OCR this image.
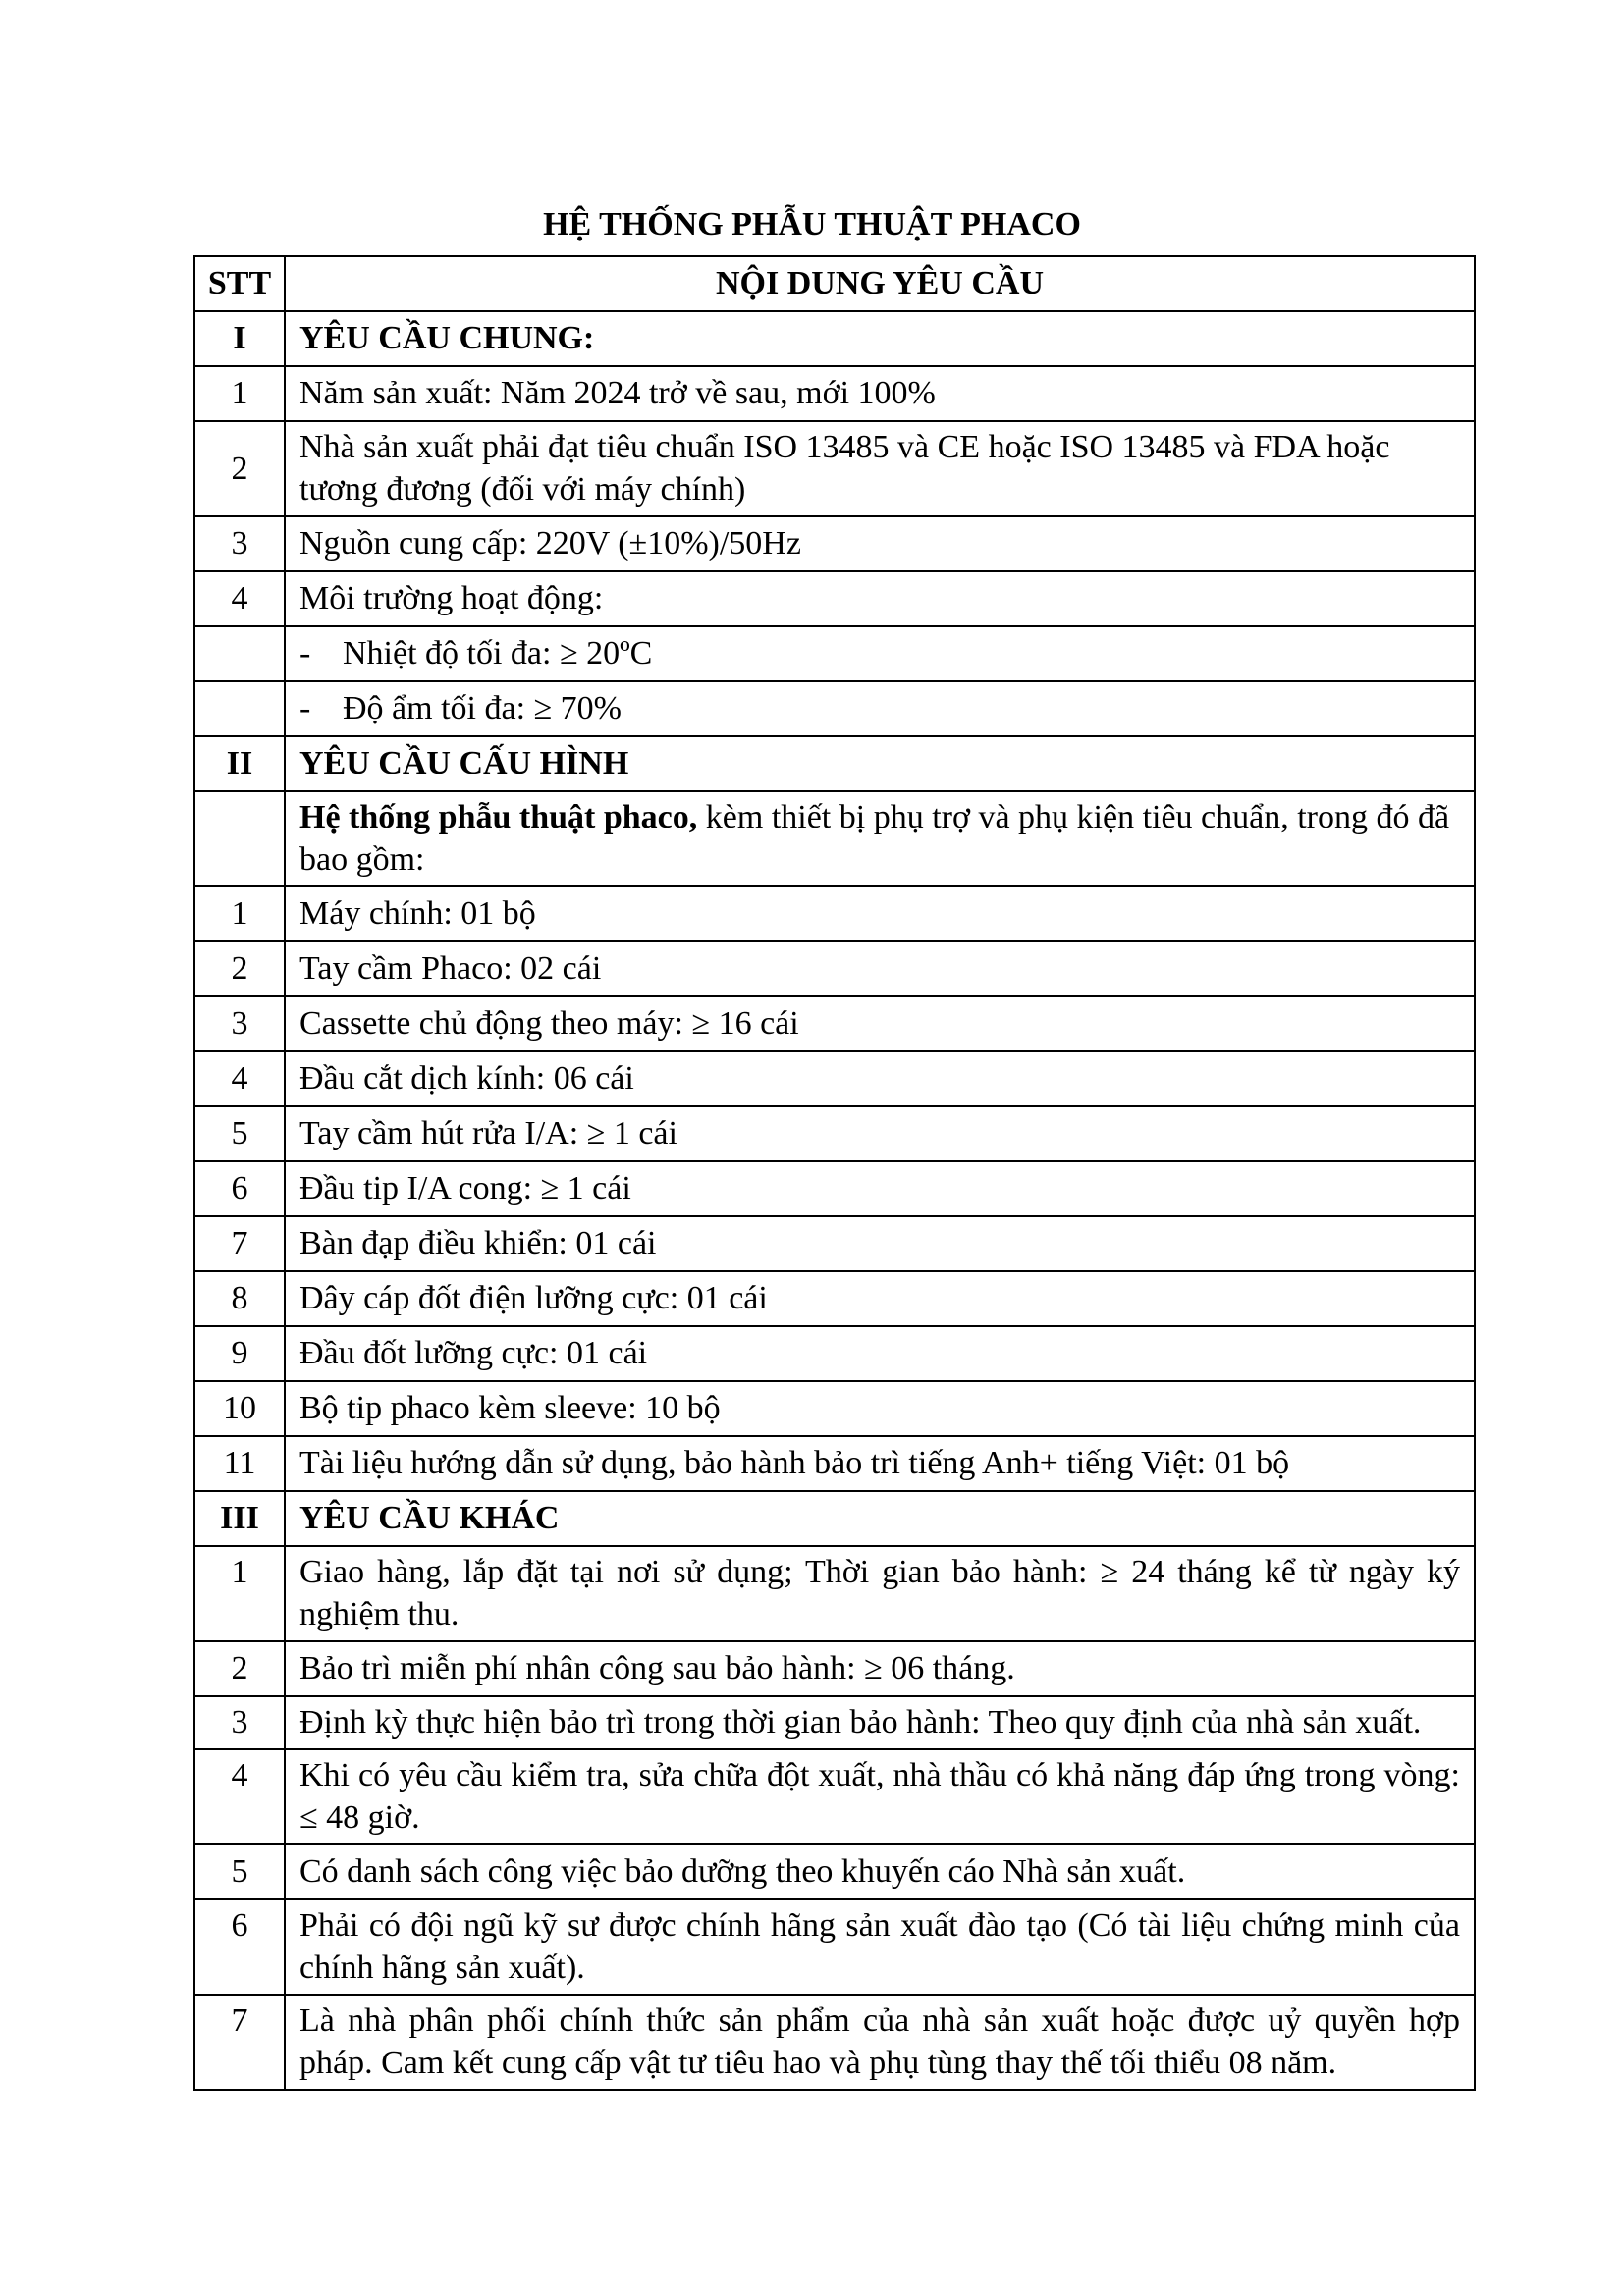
HỆ THỐNG PHẪU THUẬT PHACO
STT	NỘI DUNG YÊU CẦU
I	YÊU CẦU CHUNG:
1	Năm sản xuất: Năm 2024 trở về sau, mới 100%
2	Nhà sản xuất phải đạt tiêu chuẩn ISO 13485 và CE hoặc ISO 13485 và FDA hoặc tương đương (đối với máy chính)
3	Nguồn cung cấp: 220V (±10%)/50Hz
4	Môi trường hoạt động:
	- Nhiệt độ tối đa: ≥ 20ºC
	- Độ ẩm tối đa: ≥ 70%
II	YÊU CẦU CẤU HÌNH
	Hệ thống phẫu thuật phaco, kèm thiết bị phụ trợ và phụ kiện tiêu chuẩn, trong đó đã bao gồm:
1	Máy chính: 01 bộ
2	Tay cầm Phaco: 02 cái
3	Cassette chủ động theo máy: ≥ 16 cái
4	Đầu cắt dịch kính: 06 cái
5	Tay cầm hút rửa I/A: ≥ 1 cái
6	Đầu tip I/A cong: ≥ 1 cái
7	Bàn đạp điều khiển: 01 cái
8	Dây cáp đốt điện lưỡng cực: 01 cái
9	Đầu đốt lưỡng cực: 01 cái
10	Bộ tip phaco kèm sleeve: 10 bộ
11	Tài liệu hướng dẫn sử dụng, bảo hành bảo trì tiếng Anh+ tiếng Việt: 01 bộ
III	YÊU CẦU KHÁC
1	Giao hàng, lắp đặt tại nơi sử dụng; Thời gian bảo hành: ≥ 24 tháng kể từ ngày ký nghiệm thu.
2	Bảo trì miễn phí nhân công sau bảo hành: ≥ 06 tháng.
3	Định kỳ thực hiện bảo trì trong thời gian bảo hành: Theo quy định của nhà sản xuất.
4	Khi có yêu cầu kiểm tra, sửa chữa đột xuất, nhà thầu có khả năng đáp ứng trong vòng: ≤ 48 giờ.
5	Có danh sách công việc bảo dưỡng theo khuyến cáo Nhà sản xuất.
6	Phải có đội ngũ kỹ sư được chính hãng sản xuất đào tạo (Có tài liệu chứng minh của chính hãng sản xuất).
7	Là nhà phân phối chính thức sản phẩm của nhà sản xuất hoặc được uỷ quyền hợp pháp. Cam kết cung cấp vật tư tiêu hao và phụ tùng thay thế tối thiểu 08 năm.
